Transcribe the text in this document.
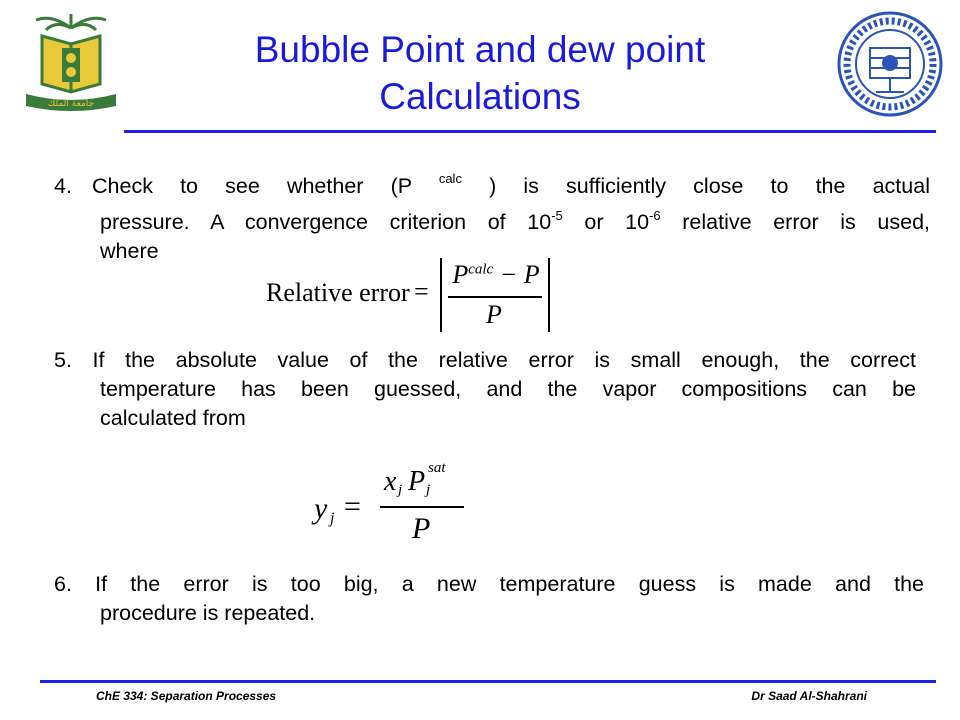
جامعة الملك
Bubble Point and dew point
Calculations
4. Check to see whether (P $^{calc}$ ) is sufficiently close to the actual
pressure. A convergence criterion of $10^{-5}$ or $10^{-6}$ relative error is used,
where
Relative error =
$P^{calc} - P$
P
5. If the absolute value of the relative error is small enough, the correct
temperature has been guessed, and the vapor compositions can be
calculated from
y j =
x j P j
sat
P
6. If the error is too big, a new temperature guess is made and the
procedure is repeated.
ChE 334: Separation Processes	Dr Saad Al-Shahrani
